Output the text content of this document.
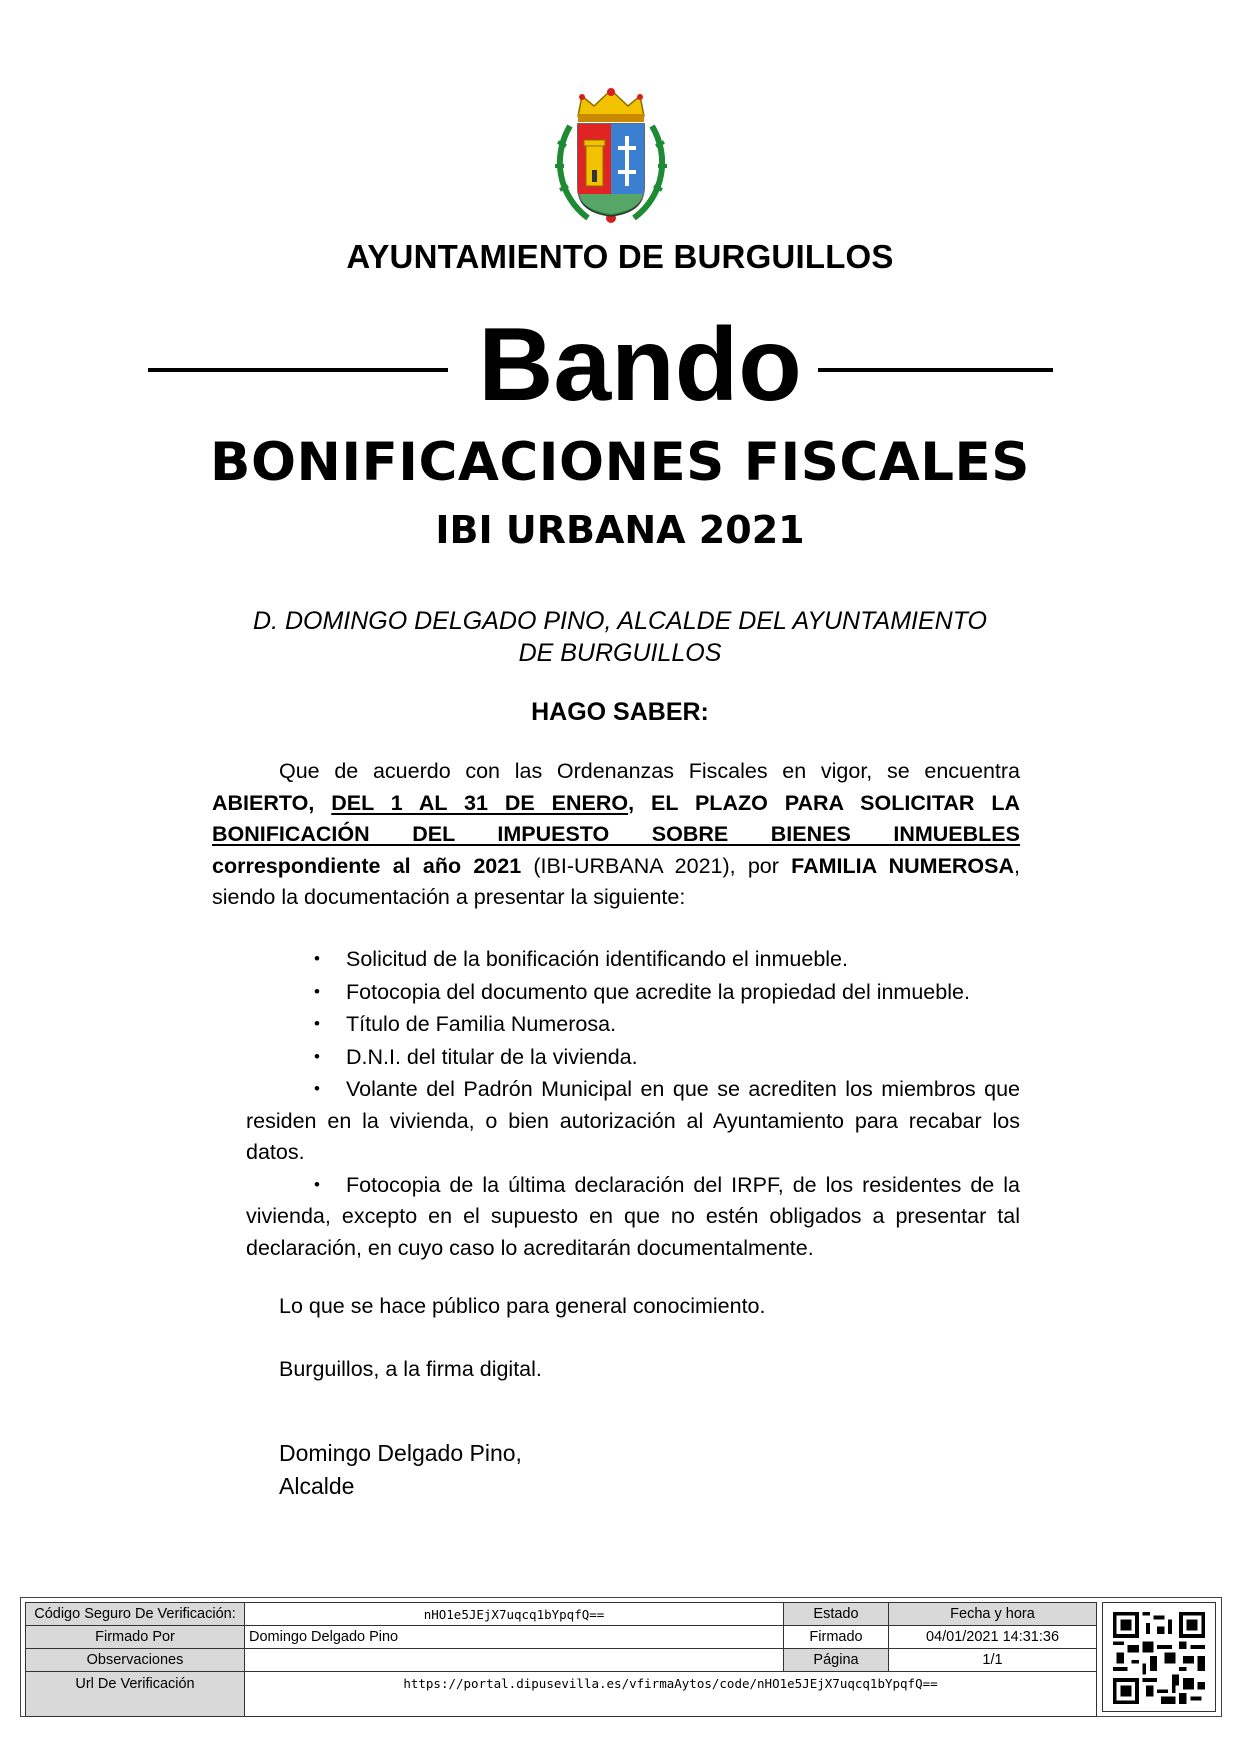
AYUNTAMIENTO DE BURGUILLOS
Bando
BONIFICACIONES FISCALES
IBI URBANA 2021
D. DOMINGO DELGADO PINO, ALCALDE DEL AYUNTAMIENTO
DE BURGUILLOS
HAGO SABER:
Que de acuerdo con las Ordenanzas Fiscales en vigor, se encuentra
ABIERTO, DEL 1 AL 31 DE ENERO, EL PLAZO PARA SOLICITAR LA
BONIFICACIÓN DEL IMPUESTO SOBRE BIENES INMUEBLES
correspondiente al año 2021 (IBI-URBANA 2021), por FAMILIA NUMEROSA,
siendo la documentación a presentar la siguiente:
• Solicitud de la bonificación identificando el inmueble.
• Fotocopia del documento que acredite la propiedad del inmueble.
• Título de Familia Numerosa.
• D.N.I. del titular de la vivienda.
• Volante del Padrón Municipal en que se acrediten los miembros que residen en la vivienda, o bien autorización al Ayuntamiento para recabar los datos.
• Fotocopia de la última declaración del IRPF, de los residentes de la vivienda, excepto en el supuesto en que no estén obligados a presentar tal declaración, en cuyo caso lo acreditarán documentalmente.
Lo que se hace público para general conocimiento.
Burguillos, a la firma digital.
Domingo Delgado Pino,
Alcalde
Código Seguro De Verificación:	nHO1e5JEjX7uqcq1bYpqfQ==	Estado	Fecha y hora
Firmado Por	Domingo Delgado Pino	Firmado	04/01/2021 14:31:36
Observaciones		Página	1/1
Url De Verificación	https://portal.dipusevilla.es/vfirmaAytos/code/nHO1e5JEjX7uqcq1bYpqfQ==		
